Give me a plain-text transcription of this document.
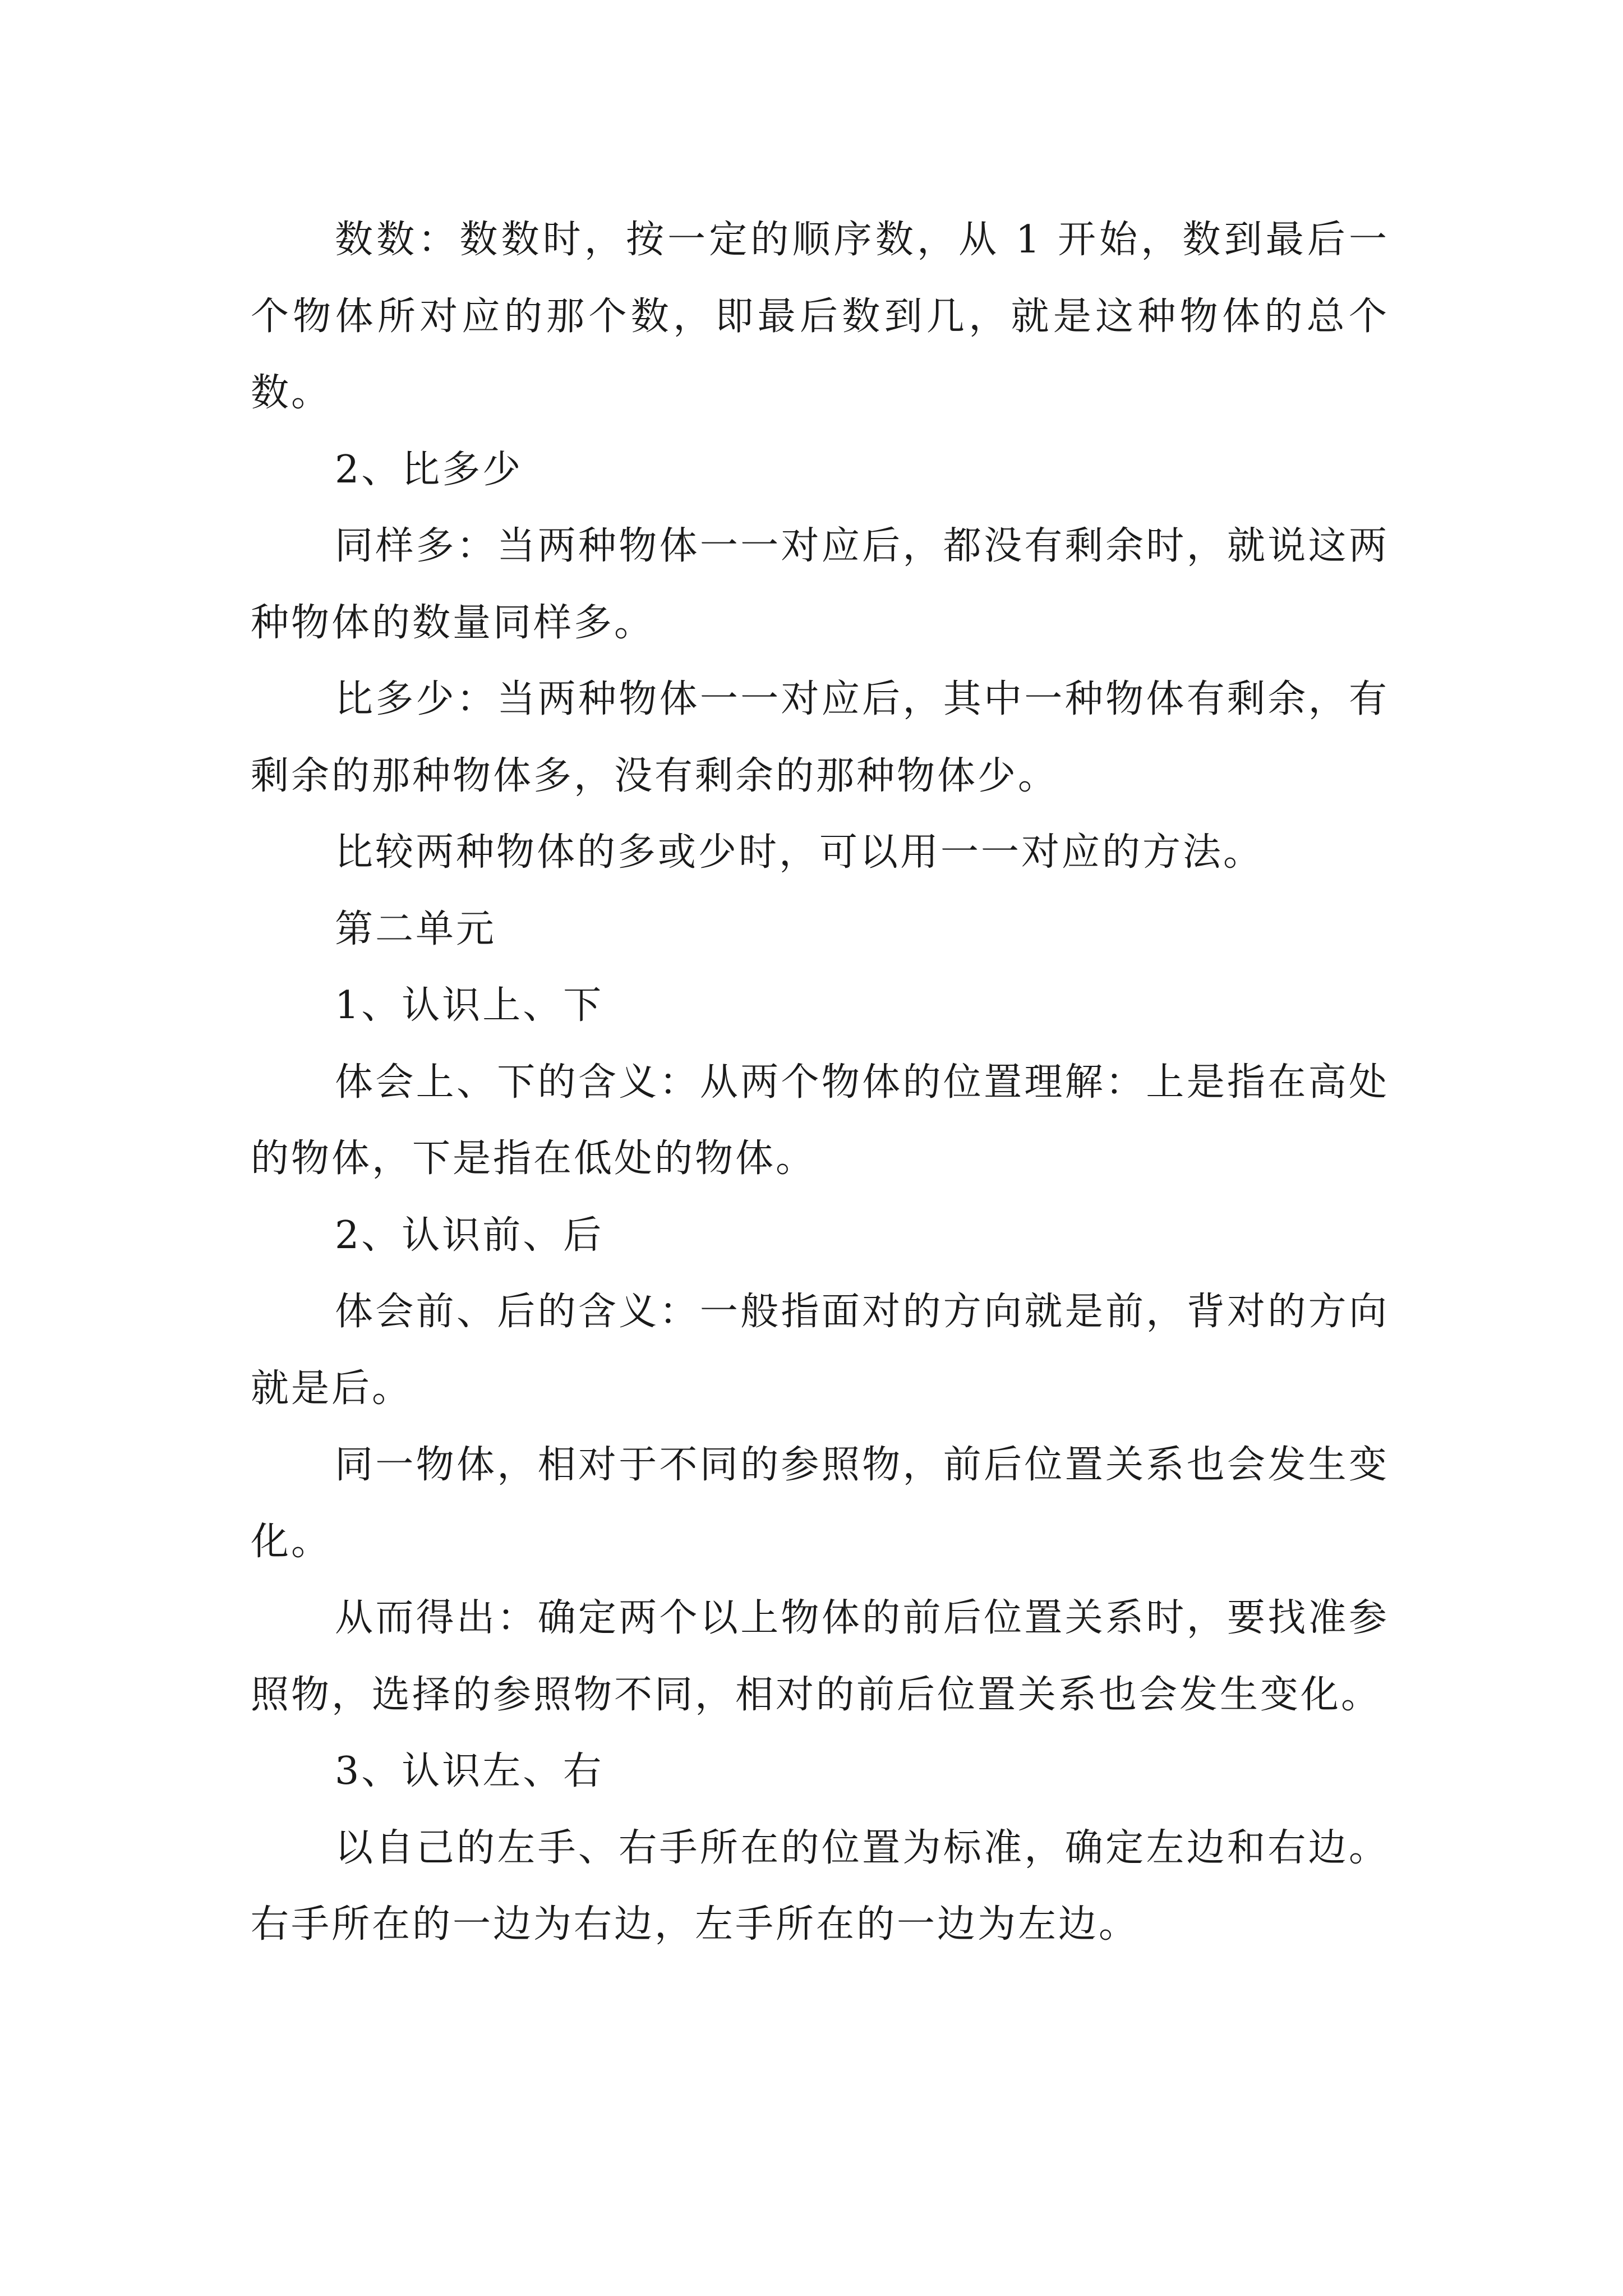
数数：数数时，按一定的顺序数，从 1 开始，数到最后一个物体所对应的那个数，即最后数到几，就是这种物体的总个数。

2、比多少

同样多：当两种物体一一对应后，都没有剩余时，就说这两种物体的数量同样多。

比多少：当两种物体一一对应后，其中一种物体有剩余，有剩余的那种物体多，没有剩余的那种物体少。

比较两种物体的多或少时，可以用一一对应的方法。

第二单元

1、认识上、下

体会上、下的含义：从两个物体的位置理解：上是指在高处的物体，下是指在低处的物体。

2、认识前、后

体会前、后的含义：一般指面对的方向就是前，背对的方向就是后。

同一物体，相对于不同的参照物，前后位置关系也会发生变化。

从而得出：确定两个以上物体的前后位置关系时，要找准参照物，选择的参照物不同，相对的前后位置关系也会发生变化。

3、认识左、右

以自己的左手、右手所在的位置为标准，确定左边和右边。右手所在的一边为右边，左手所在的一边为左边。
